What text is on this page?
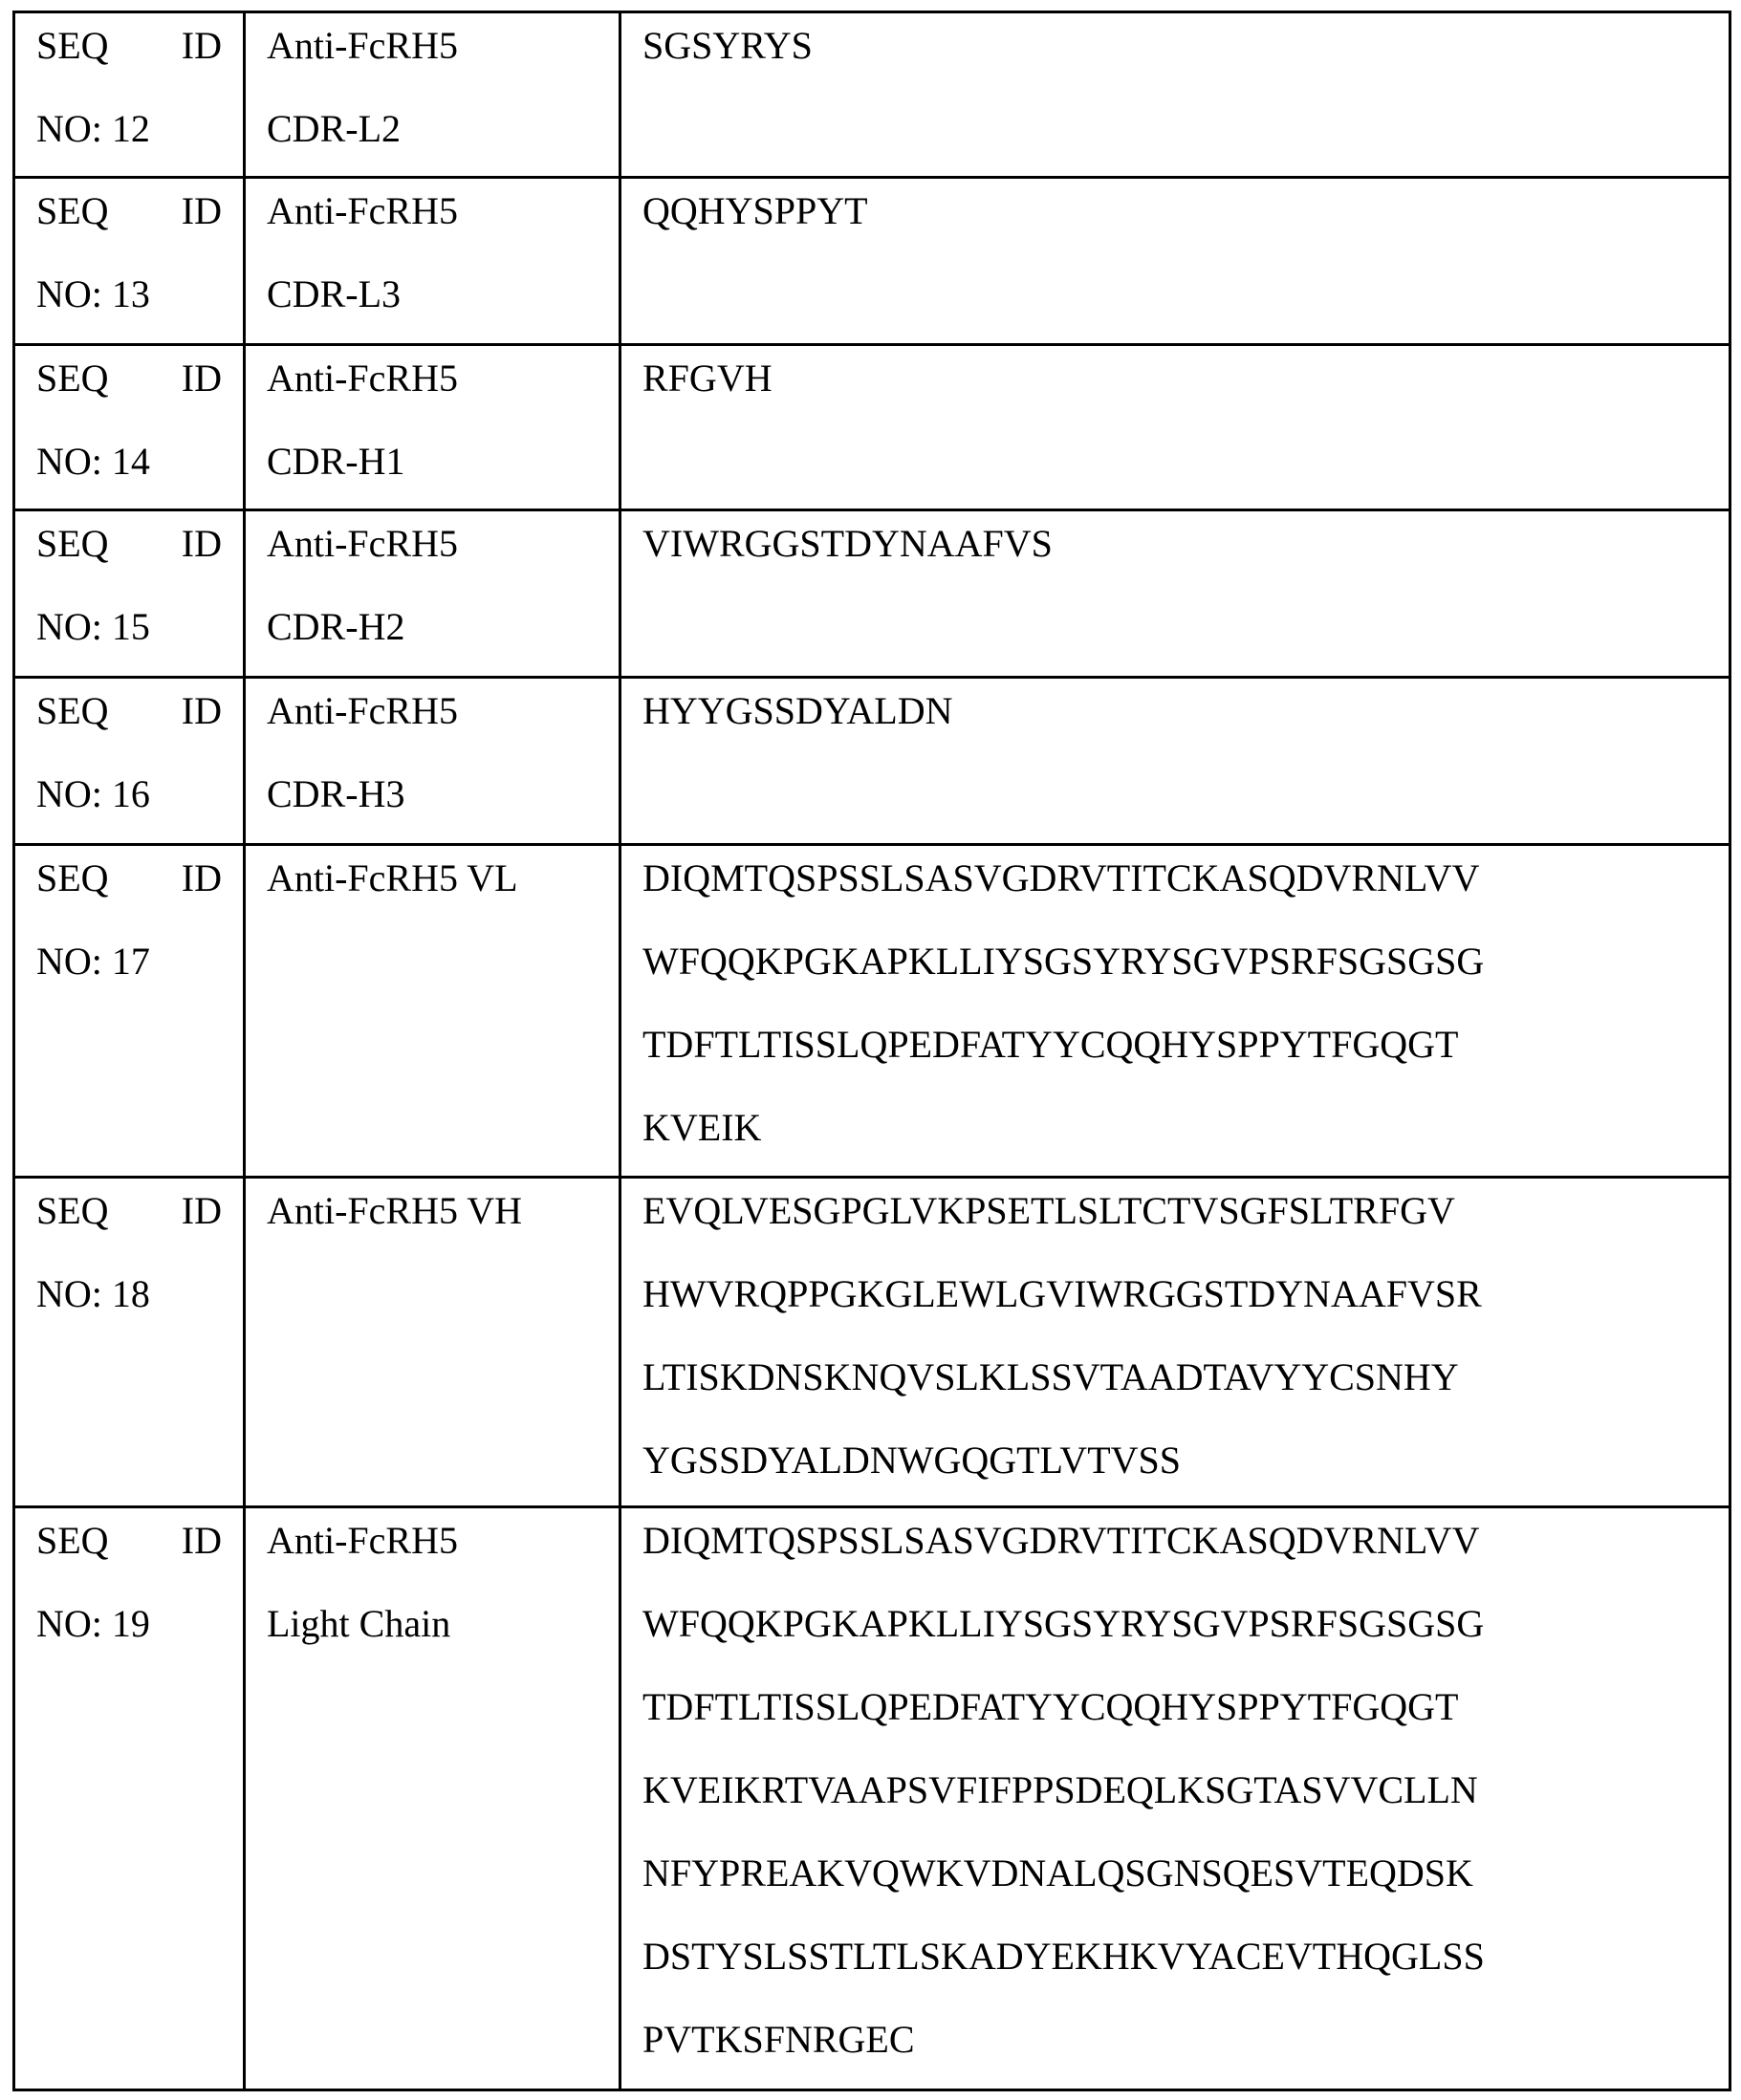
SEQ ID
NO: 12

Anti-FcRH5
CDR-L2

SGSYRYS

SEQ ID
NO: 13

Anti-FcRH5
CDR-L3

QQHYSPPYT

SEQ ID
NO: 14

Anti-FcRH5
CDR-H1

RFGVH

SEQ ID
NO: 15

Anti-FcRH5
CDR-H2

VIWRGGSTDYNAAFVS

SEQ ID
NO: 16

Anti-FcRH5
CDR-H3

HYYGSSDYALDN

SEQ ID
NO: 17

Anti-FcRH5 VL	DIQMTQSPSSLSASVGDRVTITCKASQDVRNLVV
WFQQKPGKAPKLLIYSGSYRYSGVPSRFSGSGSG
TDFTLTISSLQPEDFATYYCQQHYSPPYTFGQGT
KVEIK

SEQ ID
NO: 18

Anti-FcRH5 VH	EVQLVESGPGLVKPSETLSLTCTVSGFSLTRFGV
HWVRQPPGKGLEWLGVIWRGGSTDYNAAFVSR
LTISKDNSKNQVSLKLSSVTAADTAVYYCSNHY
YGSSDYALDNWGQGTLVTVSS

SEQ ID
NO: 19

Anti-FcRH5
Light Chain

DIQMTQSPSSLSASVGDRVTITCKASQDVRNLVV
WFQQKPGKAPKLLIYSGSYRYSGVPSRFSGSGSG
TDFTLTISSLQPEDFATYYCQQHYSPPYTFGQGT
KVEIKRTVAAPSVFIFPPSDEQLKSGTASVVCLLN
NFYPREAKVQWKVDNALQSGNSQESVTEQDSK
DSTYSLSSTLTLSKADYEKHKVYACEVTHQGLSS
PVTKSFNRGEC
